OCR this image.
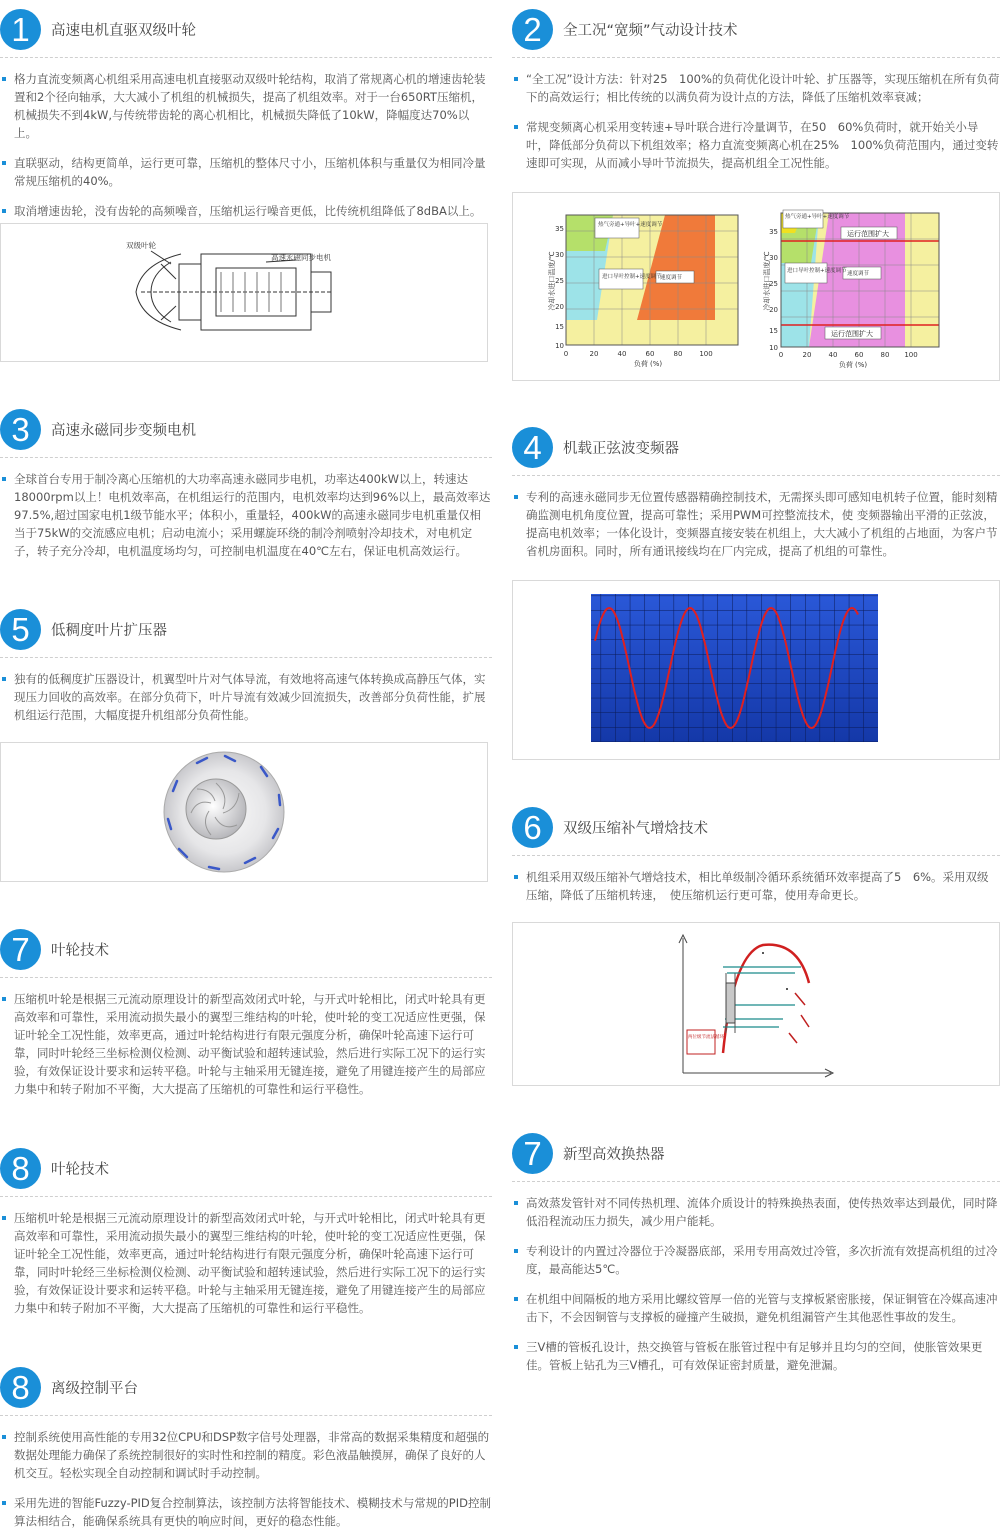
1	高速电机直驱双级叶轮
格力直流变频离心机组采用高速电机直接驱动双级叶轮结构，取消了常规离心机的增速齿轮装置和2个径向轴承，大大减小了机组的机械损失，提高了机组效率。对于一台650RT压缩机，机械损失不到4kW,与传统带齿轮的离心机相比，机械损失降低了10kW，降幅度达70%以上。
直联驱动，结构更简单，运行更可靠，压缩机的整体尺寸小，压缩机体积与重量仅为相同冷量常规压缩机的40%。
取消增速齿轮，没有齿轮的高频噪音，压缩机运行噪音更低，比传统机组降低了8dBA以上。
双级叶轮
高速永磁同步电机
3	高速永磁同步变频电机
全球首台专用于制冷离心压缩机的大功率高速永磁同步电机，功率达400kW以上，转速达18000rpm以上！电机效率高，在机组运行的范围内，电机效率均达到96%以上，最高效率达97.5%,超过国家电机1级节能水平；体积小，重量轻，400kW的高速永磁同步电机重量仅相当于75kW的交流感应电机；启动电流小；采用螺旋环绕的制冷剂喷射冷却技术，对电机定子，转子充分冷却，电机温度场均匀，可控制电机温度在40℃左右，保证电机高效运行。
5	低稠度叶片扩压器
独有的低稠度扩压器设计，机翼型叶片对气体导流，有效地将高速气体转换成高静压气体，实现压力回收的高效率。在部分负荷下，叶片导流有效减少回流损失，改善部分负荷性能，扩展机组运行范围，大幅度提升机组部分负荷性能。
7	叶轮技术
压缩机叶轮是根据三元流动原理设计的新型高效闭式叶轮，与开式叶轮相比，闭式叶轮具有更高效率和可靠性，采用流动损失最小的翼型三维结构的叶轮，使叶轮的变工况适应性更强，保证叶轮全工况性能，效率更高，通过叶轮结构进行有限元强度分析，确保叶轮高速下运行可靠，同时叶轮经三坐标检测仪检测、动平衡试验和超转速试验，然后进行实际工况下的运行实验，有效保证设计要求和运转平稳。叶轮与主轴采用无键连接，避免了用键连接产生的局部应力集中和转子附加不平衡，大大提高了压缩机的可靠性和运行平稳性。
8	叶轮技术
压缩机叶轮是根据三元流动原理设计的新型高效闭式叶轮，与开式叶轮相比，闭式叶轮具有更高效率和可靠性，采用流动损失最小的翼型三维结构的叶轮，使叶轮的变工况适应性更强，保证叶轮全工况性能，效率更高，通过叶轮结构进行有限元强度分析，确保叶轮高速下运行可靠，同时叶轮经三坐标检测仪检测、动平衡试验和超转速试验，然后进行实际工况下的运行实验，有效保证设计要求和运转平稳。叶轮与主轴采用无键连接，避免了用键连接产生的局部应力集中和转子附加不平衡，大大提高了压缩机的可靠性和运行平稳性。
8	离级控制平台
控制系统使用高性能的专用32位CPU和DSP数字信号处理器，非常高的数据采集精度和超强的数据处理能力确保了系统控制很好的实时性和控制的精度。彩色液晶触摸屏，确保了良好的人机交互。轻松实现全自动控制和调试时手动控制。
采用先进的智能Fuzzy-PID复合控制算法，该控制方法将智能技术、模糊技术与常规的PID控制算法相结合，能确保系统具有更快的响应时间，更好的稳态性能。
2	全工况“宽频”气动设计技术
“全工况”设计方法：针对25　100%的负荷优化设计叶轮、扩压器等，实现压缩机在所有负荷下的高效运行；相比传统的以满负荷为设计点的方法，降低了压缩机效率衰减；
常规变频离心机采用变转速+导叶联合进行冷量调节，在50　60%负荷时，就开始关小导叶，降低部分负荷以下机组效率；格力直流变频离心机在25%　100%负荷范围内，通过变转速即可实现，从而减小导叶节流损失，提高机组全工况性能。
热气旁通+导叶+速度调节
进口导叶控制+速度调节
速度调节
35
30
25
20
15
10
0	20	40	60	80 100
负荷 (%)
冷却水进口温度/℃
热气旁通+导叶+速度调节
进口导叶控制+速度调节 速度调节
运行范围扩大
运行范围扩大
35
30
25
20
15
10
0	20 40 60 80 100
负荷 (%)
冷却水进口温度/℃
4	机载正弦波变频器
专利的高速永磁同步无位置传感器精确控制技术，无需探头即可感知电机转子位置，能时刻精确监测电机角度位置，提高可靠性；采用PWM可控整流技术，使 变频器输出平滑的正弦波，提高电机效率；一体化设计，变频器直接安装在机组上，大大减小了机组的占地面，为客户节省机房面积。同时，所有通讯接线均在厂内完成，提高了机组的可靠性。
6	双级压缩补气增焓技术
机组采用双级压缩补气增焓技术，相比单级制冷循环系统循环效率提高了5　6%。采用双级压缩，降低了压缩机转速，　使压缩机运行更可靠，使用寿命更长。
两位级节流法循环
7	新型高效换热器
高效蒸发管针对不同传热机理、流体介质设计的特殊换热表面，使传热效率达到最优，同时降低沿程流动压力损失，减少用户能耗。
专利设计的内置过冷器位于冷凝器底部，采用专用高效过冷管，多次折流有效提高机组的过冷度，最高能达5℃。
在机组中间隔板的地方采用比螺纹管厚一倍的光管与支撑板紧密胀接，保证铜管在冷媒高速冲击下，不会因铜管与支撑板的碰撞产生破损，避免机组漏管产生其他恶性事故的发生。
三V槽的管板孔设计，热交换管与管板在胀管过程中有足够并且均匀的空间，使胀管效果更佳。管板上钻孔为三V槽孔，可有效保证密封质量，避免泄漏。
